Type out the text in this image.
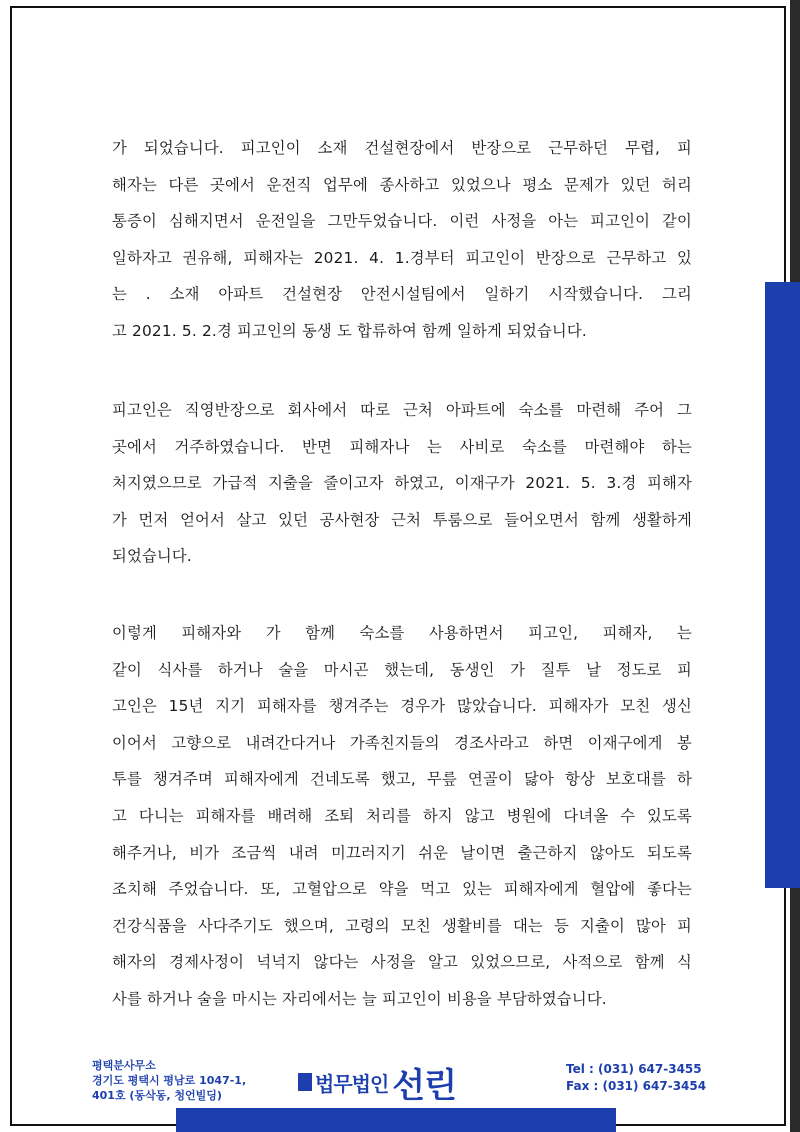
가 되었습니다. 피고인이 소재 건설현장에서 반장으로 근무하던 무렵, 피
해자는 다른 곳에서 운전직 업무에 종사하고 있었으나 평소 문제가 있던 허리
통증이 심해지면서 운전일을 그만두었습니다. 이런 사정을 아는 피고인이 같이
일하자고 권유해, 피해자는 2021. 4. 1.경부터 피고인이 반장으로 근무하고 있
는 . 소재 아파트 건설현장 안전시설팀에서 일하기 시작했습니다. 그리
고 2021. 5. 2.경 피고인의 동생 도 합류하여 함께 일하게 되었습니다.
피고인은 직영반장으로 회사에서 따로 근처 아파트에 숙소를 마련해 주어 그
곳에서 거주하였습니다. 반면 피해자나 는 사비로 숙소를 마련해야 하는
처지였으므로 가급적 지출을 줄이고자 하였고, 이재구가 2021. 5. 3.경 피해자
가 먼저 얻어서 살고 있던 공사현장 근처 투룸으로 들어오면서 함께 생활하게
되었습니다.
이렇게 피해자와 가 함께 숙소를 사용하면서 피고인, 피해자, 는
같이 식사를 하거나 술을 마시곤 했는데, 동생인 가 질투 날 정도로 피
고인은 15년 지기 피해자를 챙겨주는 경우가 많았습니다. 피해자가 모친 생신
이어서 고향으로 내려간다거나 가족친지들의 경조사라고 하면 이재구에게 봉
투를 챙겨주며 피해자에게 건네도록 했고, 무릎 연골이 닳아 항상 보호대를 하
고 다니는 피해자를 배려해 조퇴 처리를 하지 않고 병원에 다녀올 수 있도록
해주거나, 비가 조금씩 내려 미끄러지기 쉬운 날이면 출근하지 않아도 되도록
조치해 주었습니다. 또, 고혈압으로 약을 먹고 있는 피해자에게 혈압에 좋다는
건강식품을 사다주기도 했으며, 고령의 모친 생활비를 대는 등 지출이 많아 피
해자의 경제사정이 넉넉지 않다는 사정을 알고 있었으므로, 사적으로 함께 식
사를 하거나 술을 마시는 자리에서는 늘 피고인이 비용을 부담하였습니다.
평택분사무소
경기도 평택시 평남로 1047-1,
401호 (동삭동, 청언빌딩)	법무법인 선린	Tel : (031) 647-3455
Fax : (031) 647-3454
